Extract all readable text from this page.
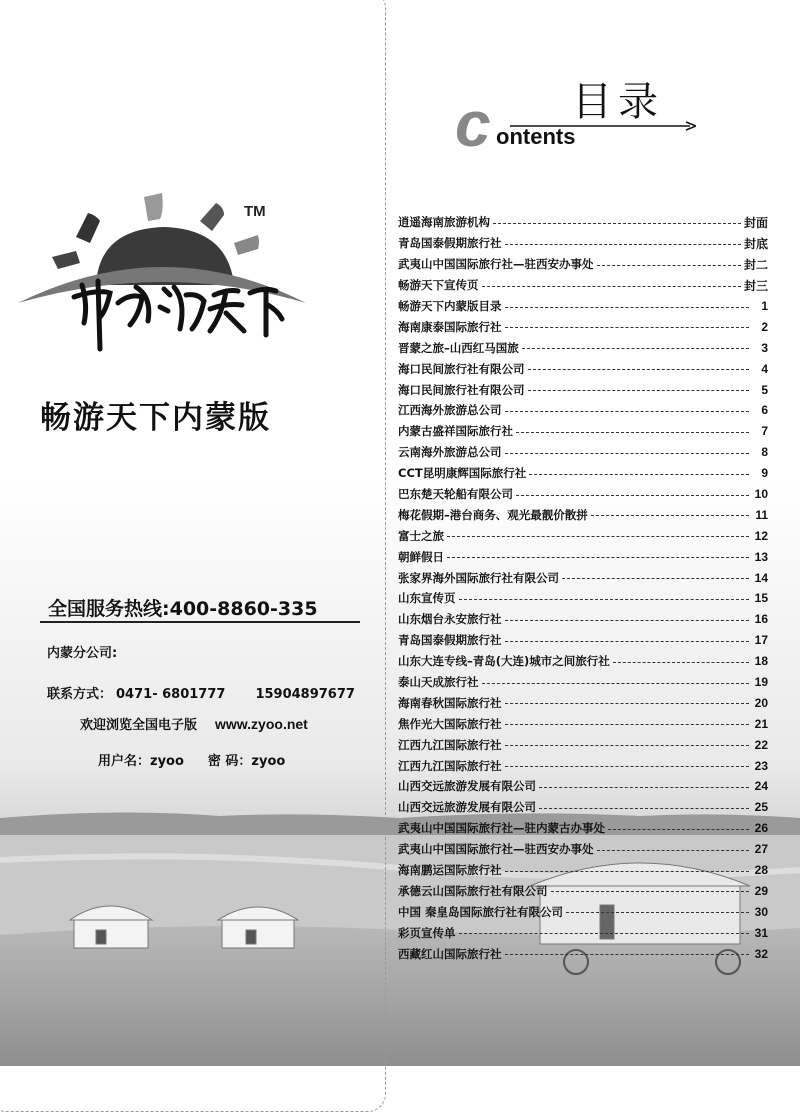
TM
畅游天下内蒙版
全国服务热线:400-8860-335
内蒙分公司:
联系方式： 0471- 6801777 15904897677
欢迎浏览全国电子版 www.zyoo.net
用户名：zyoo 密 码：zyoo
目录
c ontents
逍遥海南旅游机构	封面
青岛国泰假期旅行社	封底
武夷山中国国际旅行社—驻西安办事处	封二
畅游天下宣传页	封三
畅游天下内蒙版目录	1
海南康泰国际旅行社	2
晋蒙之旅–山西红马国旅	3
海口民间旅行社有限公司	4
海口民间旅行社有限公司	5
江西海外旅游总公司	6
内蒙古盛祥国际旅行社	7
云南海外旅游总公司	8
CCT昆明康辉国际旅行社	9
巴东楚天轮船有限公司	10
梅花假期–港台商务、观光最靓价散拼	11
富士之旅	12
朝鲜假日	13
张家界海外国际旅行社有限公司	14
山东宣传页	15
山东烟台永安旅行社	16
青岛国泰假期旅行社	17
山东大连专线–青岛(大连)城市之间旅行社	18
泰山天成旅行社	19
海南春秋国际旅行社	20
焦作光大国际旅行社	21
江西九江国际旅行社	22
江西九江国际旅行社	23
山西交远旅游发展有限公司	24
山西交远旅游发展有限公司	25
武夷山中国国际旅行社—驻内蒙古办事处	26
武夷山中国国际旅行社—驻西安办事处	27
海南鹏运国际旅行社	28
承德云山国际旅行社有限公司	29
中国 秦皇岛国际旅行社有限公司	30
彩页宣传单	31
西藏红山国际旅行社	32
